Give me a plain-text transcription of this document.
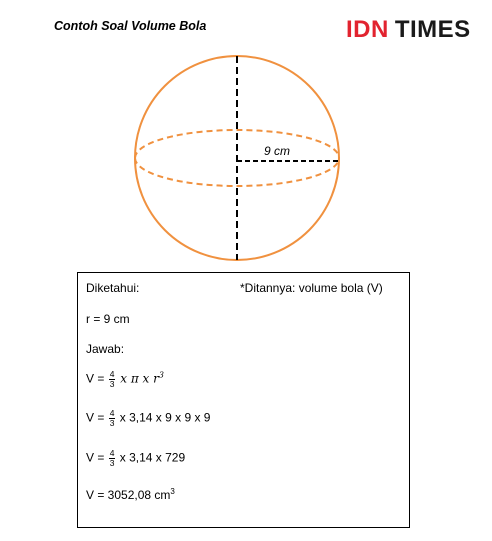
Contoh Soal Volume Bola	IDN TIMES
9 cm
Diketahui:	*Ditannya: volume bola (V)
r = 9 cm
Jawab:
$V = \frac{4}{3}$ x π x $r^3$
$V = \frac{4}{3}$ x 3,14 x 9 x 9 x 9
$V = \frac{4}{3}$ x 3,14 x 729
V = 3052,08 $cm^3$
